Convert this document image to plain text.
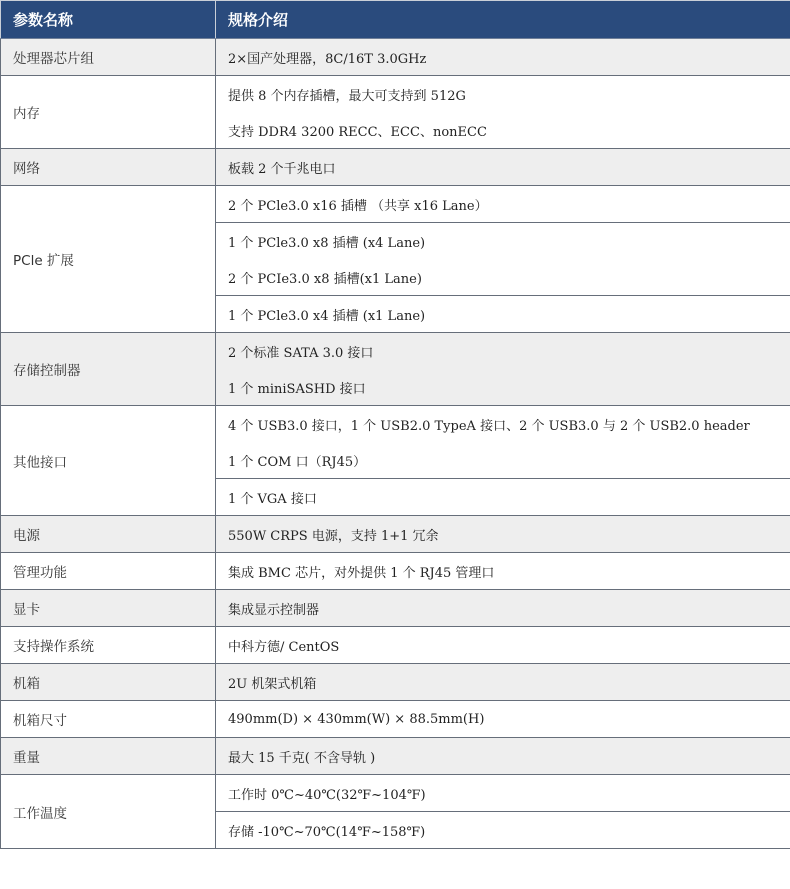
参数名称	规格介绍
处理器芯片组	2×国产处理器，8C/16T 3.0GHz

内存	提供 8 个内存插槽，最大可支持到 512G
支持 DDR4 3200 RECC、ECC、nonECC

网络	板载 2 个千兆电口

PCle 扩展	2 个 PCle3.0 x16 插槽 （共享 x16 Lane）

1 个 PCle3.0 x8 插槽 (x4 Lane)
2 个 PCIe3.0 x8 插槽(x1 Lane)

1 个 PCle3.0 x4 插槽 (x1 Lane)

存储控制器	2 个标准 SATA 3.0 接口
1 个 miniSASHD 接口

其他接口	4 个 USB3.0 接口，1 个 USB2.0 TypeA 接口、2 个 USB3.0 与 2 个 USB2.0 header
1 个 COM 口（RJ45）

1 个 VGA 接口

电源	550W CRPS 电源，支持 1+1 冗余

管理功能	集成 BMC 芯片，对外提供 1 个 RJ45 管理口

显卡	集成显示控制器

支持操作系统	中科方德/ CentOS

机箱	2U 机架式机箱

机箱尺寸	490mm(D) × 430mm(W) × 88.5mm(H)

重量	最大 15 千克( 不含导轨 )

工作温度	工作时 0℃~40℃(32℉~104℉)

存储 -10℃~70℃(14℉~158℉)
